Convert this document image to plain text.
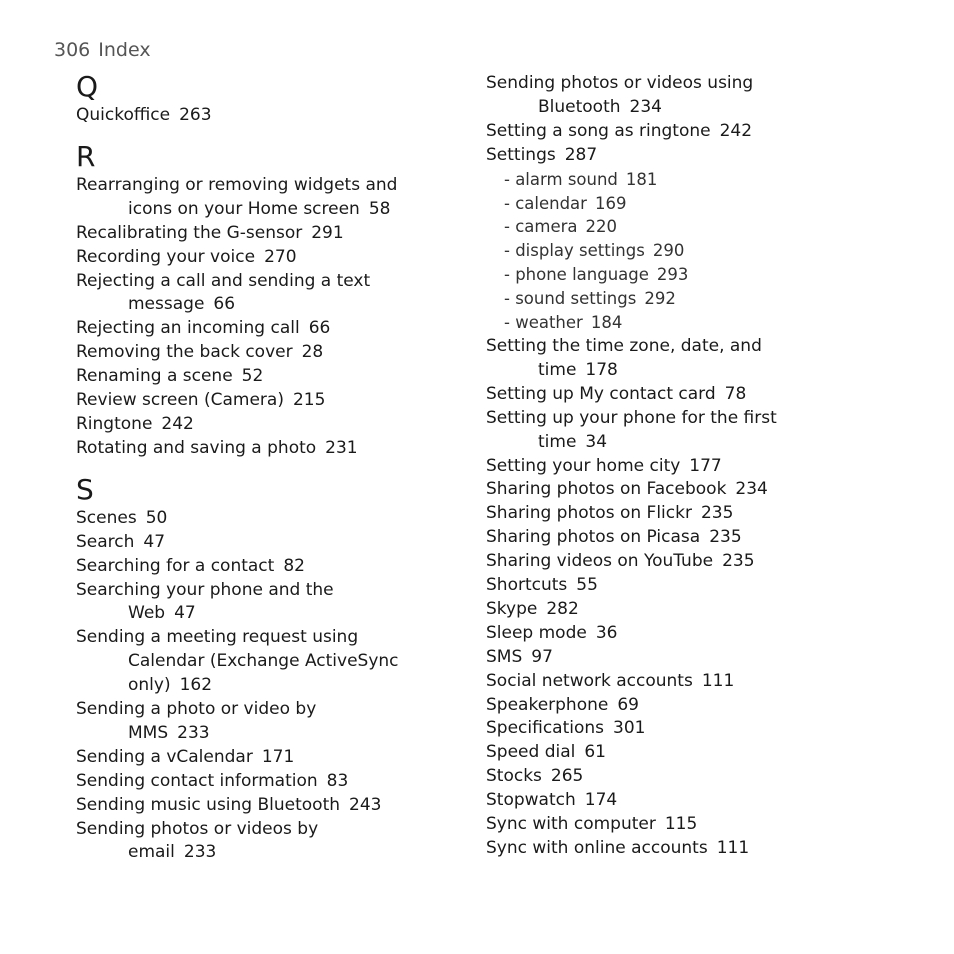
306 Index
Q
Quickoffice 263
R
Rearranging or removing widgets and
icons on your Home screen 58
Recalibrating the G-sensor 291
Recording your voice 270
Rejecting a call and sending a text
message 66
Rejecting an incoming call 66
Removing the back cover 28
Renaming a scene 52
Review screen (Camera) 215
Ringtone 242
Rotating and saving a photo 231
S
Scenes 50
Search 47
Searching for a contact 82
Searching your phone and the
Web 47
Sending a meeting request using
Calendar (Exchange ActiveSync
only) 162
Sending a photo or video by
MMS 233
Sending a vCalendar 171
Sending contact information 83
Sending music using Bluetooth 243
Sending photos or videos by
email 233
Sending photos or videos using
Bluetooth 234
Setting a song as ringtone 242
Settings 287
- alarm sound 181
- calendar 169
- camera 220
- display settings 290
- phone language 293
- sound settings 292
- weather 184
Setting the time zone, date, and
time 178
Setting up My contact card 78
Setting up your phone for the first
time 34
Setting your home city 177
Sharing photos on Facebook 234
Sharing photos on Flickr 235
Sharing photos on Picasa 235
Sharing videos on YouTube 235
Shortcuts 55
Skype 282
Sleep mode 36
SMS 97
Social network accounts 111
Speakerphone 69
Specifications 301
Speed dial 61
Stocks 265
Stopwatch 174
Sync with computer 115
Sync with online accounts 111
